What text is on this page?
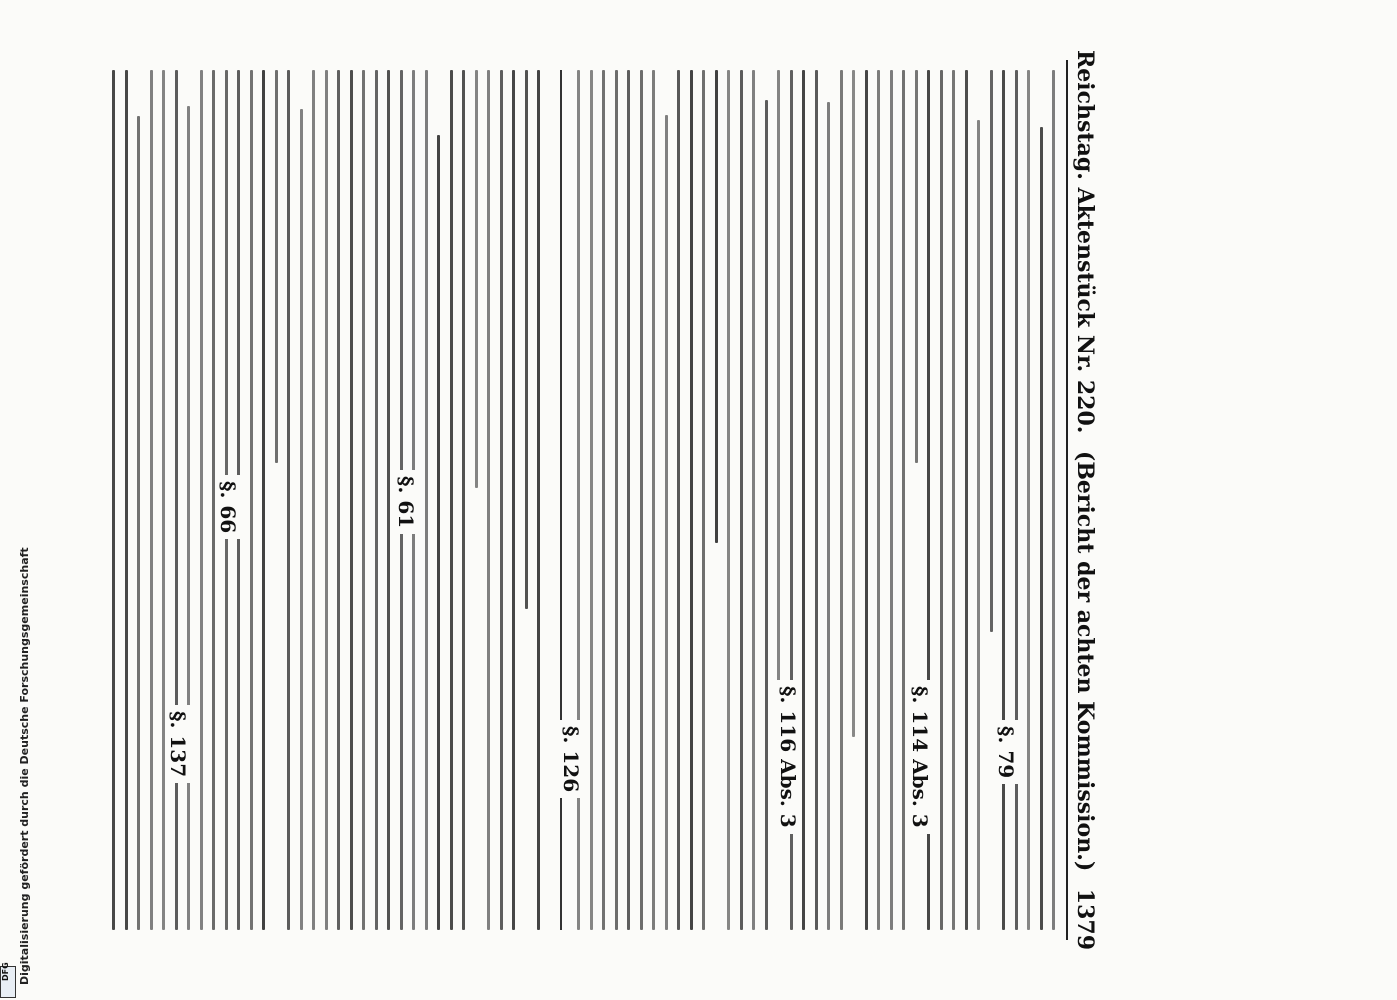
Reichstag. Aktenstück Nr. 220.
(Bericht der achten Kommission.)
1379
§. 61
§. 66
§. 79
§. 114 Abs. 3
§. 116 Abs. 3
§. 126
§. 137
Digitalisierung gefördert durch die Deutsche Forschungsgemeinschaft
DFG
